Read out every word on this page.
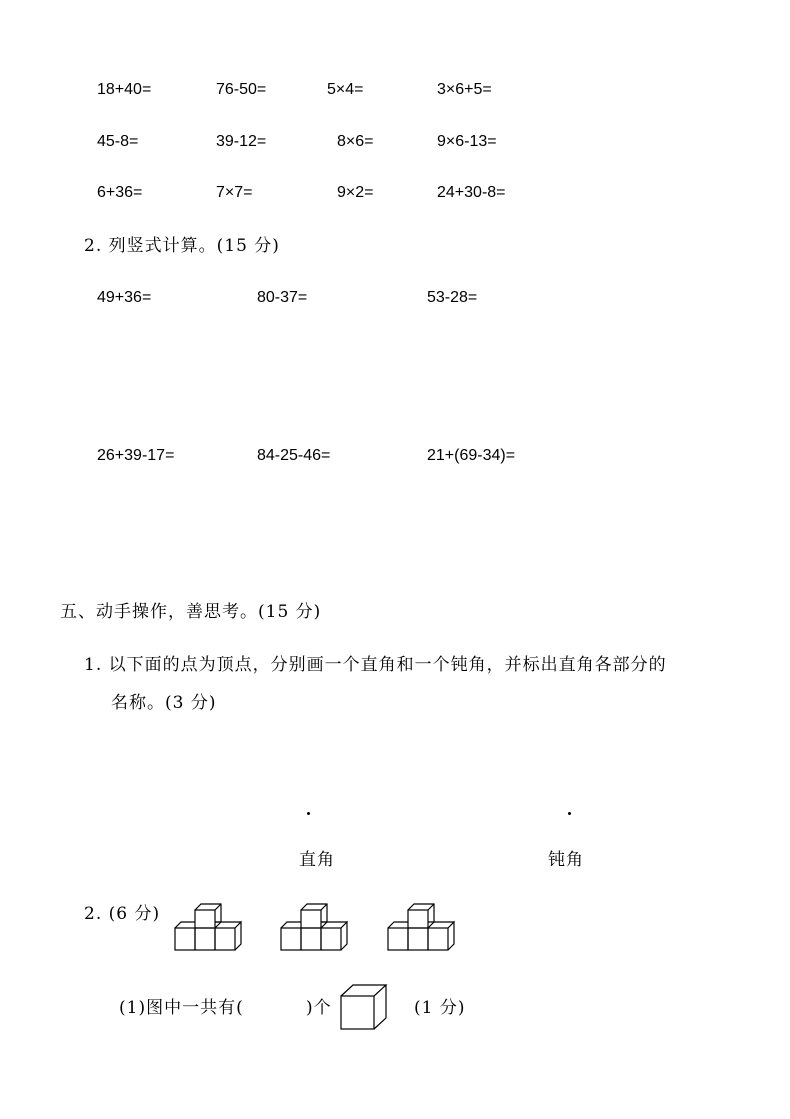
18+40=	76-50=	5×4=	3×6+5=
45-8=	39-12=	8×6=	9×6-13=
6+36=	7×7=	9×2=	24+30-8=
2. 列竖式计算。(15 分)
49+36=	80-37=	53-28=
26+39-17=	84-25-46=	21+(69-34)=
五、动手操作，善思考。(15 分)
1. 以下面的点为顶点，分别画一个直角和一个钝角，并标出直角各部分的
名称。(3 分)
直角	钝角
2. (6 分)
(1)图中一共有(	)个	(1 分)
